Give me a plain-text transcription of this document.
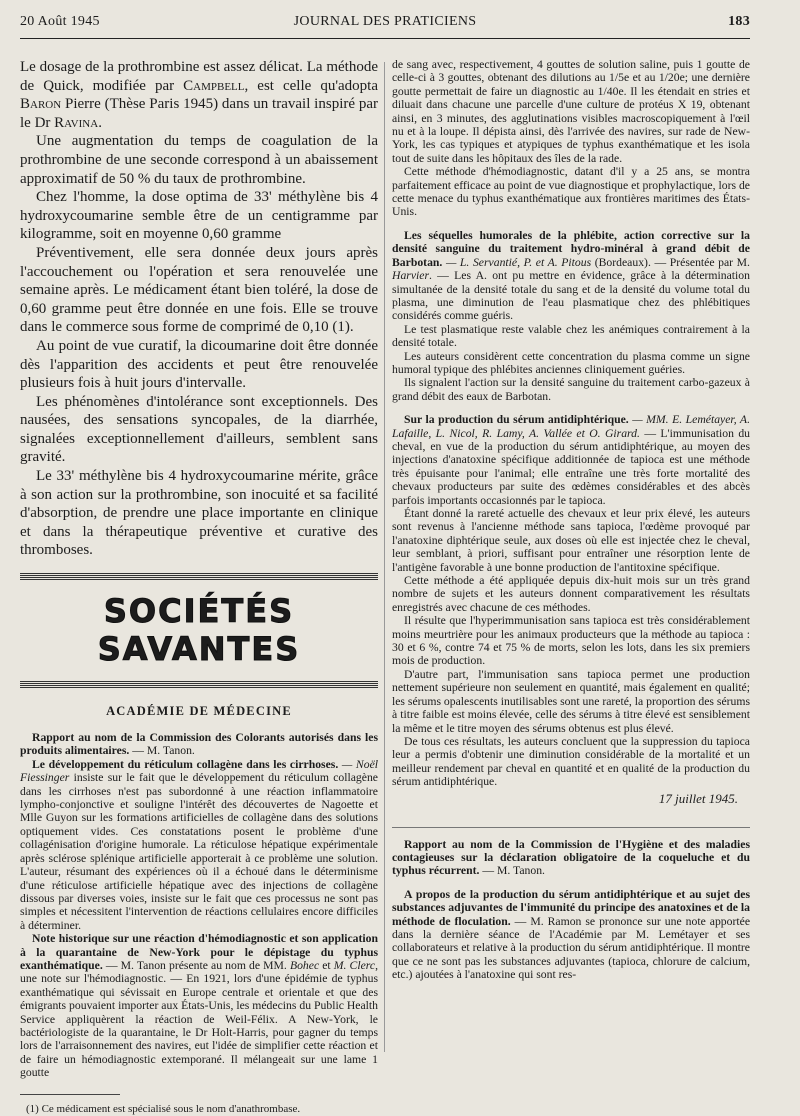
20 Août 1945	JOURNAL DES PRATICIENS	183

Le dosage de la prothrombine est assez délicat. La méthode de Quick, modifiée par Campbell, est celle qu'adopta Baron Pierre (Thèse Paris 1945) dans un travail inspiré par le Dr Ravina.

Une augmentation du temps de coagulation de la prothrombine de une seconde correspond à un abaissement approximatif de 50 % du taux de prothrombine.

Chez l'homme, la dose optima de 33' méthylène bis 4 hydroxycoumarine semble être de un centigramme par kilogramme, soit en moyenne 0,60 gramme

Préventivement, elle sera donnée deux jours après l'accouchement ou l'opération et sera renouvelée une semaine après. Le médicament étant bien toléré, la dose de 0,60 gramme peut être donnée en une fois. Elle se trouve dans le commerce sous forme de comprimé de 0,10 (1).

Au point de vue curatif, la dicoumarine doit être donnée dès l'apparition des accidents et peut être renouvelée plusieurs fois à huit jours d'intervalle.

Les phénomènes d'intolérance sont exceptionnels. Des nausées, des sensations syncopales, de la diarrhée, signalées exceptionnellement d'ailleurs, semblent sans gravité.

Le 33' méthylène bis 4 hydroxycoumarine mérite, grâce à son action sur la prothrombine, son inocuité et sa facilité d'absorption, de prendre une place importante en clinique et dans la thérapeutique préventive et curative des thromboses.

SOCIÉTÉS SAVANTES
ACADÉMIE DE MÉDECINE

Rapport au nom de la Commission des Colorants autorisés dans les produits alimentaires. — M. Tanon.

Le développement du réticulum collagène dans les cirrhoses. — Noël Fiessinger insiste sur le fait que le développement du réticulum collagène dans les cirrhoses n'est pas subordonné à une réaction inflammatoire lympho-conjonctive et souligne l'intérêt des découvertes de Nagoette et Mlle Guyon sur les formations artificielles de collagène dans des solutions optiquement vides. Ces constatations posent le problème d'une collagénisation d'origine humorale. La réticulose hépatique expérimentale après sclérose splénique artificielle apporterait à ce problème une solution. L'auteur, résumant des expériences où il a échoué dans le déterminisme d'une réticulose artificielle hépatique avec des injections de collagène dissous par diverses voies, insiste sur le fait que ces processus ne sont pas simples et nécessitent l'intervention de réactions cellulaires encore difficiles à déterminer.

Note historique sur une réaction d'hémodiagnostic et son application à la quarantaine de New-York pour le dépistage du typhus exanthématique. — M. Tanon présente au nom de MM. Bohec et M. Clerc, une note sur l'hémodiagnostic. — En 1921, lors d'une épidémie de typhus exanthématique qui sévissait en Europe centrale et orientale et que des émigrants pouvaient importer aux États-Unis, les médecins du Public Health Service appliquèrent la réaction de Weil-Félix. A New-York, le bactériologiste de la quarantaine, le Dr Holt-Harris, pour gagner du temps lors de l'arraisonnement des navires, eut l'idée de simplifier cette réaction et de faire un hémodiagnostic extemporané. Il mélangeait sur une lame 1 goutte

(1) Ce médicament est spécialisé sous le nom d'anathrombase.

de sang avec, respectivement, 4 gouttes de solution saline, puis 1 goutte de celle-ci à 3 gouttes, obtenant des dilutions au 1/5e et au 1/20e; une dernière goutte permettait de faire un diagnostic au 1/40e. Il les étendait en stries et diluait dans chacune une parcelle d'une culture de protéus X 19, obtenant ainsi, en 3 minutes, des agglutinations visibles macroscopiquement à l'œil nu et à la loupe. Il dépista ainsi, dès l'arrivée des navires, sur rade de New-York, les cas typiques et atypiques de typhus exanthématique et les isola tout de suite dans les hôpitaux des îles de la rade.

Cette méthode d'hémodiagnostic, datant d'il y a 25 ans, se montra parfaitement efficace au point de vue diagnostique et prophylactique, lors de cette menace du typhus exanthématique aux frontières maritimes des États-Unis.

Les séquelles humorales de la phlébite, action corrective sur la densité sanguine du traitement hydro-minéral à grand débit de Barbotan. — L. Servantié, P. et A. Pitous (Bordeaux). — Présentée par M. Harvier. — Les A. ont pu mettre en évidence, grâce à la détermination simultanée de la densité totale du sang et de la densité du volume total du plasma, une diminution de l'eau plasmatique chez des phlébitiques considérés comme guéris.

Le test plasmatique reste valable chez les anémiques contrairement à la densité totale.

Les auteurs considèrent cette concentration du plasma comme un signe humoral typique des phlébites anciennes cliniquement guéries.

Ils signalent l'action sur la densité sanguine du traitement carbo-gazeux à grand débit des eaux de Barbotan.

Sur la production du sérum antidiphtérique. — MM. E. Lemétayer, A. Lafaille, L. Nicol, R. Lamy, A. Vallée et O. Girard. — L'immunisation du cheval, en vue de la production du sérum antidiphtérique, au moyen des injections d'anatoxine spécifique additionnée de tapioca est une méthode très épuisante pour l'animal; elle entraîne une très forte mortalité des chevaux producteurs par suite des œdèmes considérables et des abcès parfois importants occasionnés par le tapioca.

Étant donné la rareté actuelle des chevaux et leur prix élevé, les auteurs sont revenus à l'ancienne méthode sans tapioca, l'œdème provoqué par l'anatoxine diphtérique seule, aux doses où elle est injectée chez le cheval, leur semblant, à priori, suffisant pour entraîner une résorption lente de l'antigène favorable à une bonne production de l'antitoxine spécifique.

Cette méthode a été appliquée depuis dix-huit mois sur un très grand nombre de sujets et les auteurs donnent comparativement les résultats enregistrés avec chacune de ces méthodes.

Il résulte que l'hyperimmunisation sans tapioca est très considérablement moins meurtrière pour les animaux producteurs que la méthode au tapioca : 30 et 6 %, contre 74 et 75 % de morts, selon les lots, dans les six premiers mois de production.

D'autre part, l'immunisation sans tapioca permet une production nettement supérieure non seulement en quantité, mais également en qualité; les sérums opalescents inutilisables sont une rareté, la proportion des sérums à titre faible est moins élevée, celle des sérums à titre élevé est sensiblement la même et le titre moyen des sérums obtenus est plus élevé.

De tous ces résultats, les auteurs concluent que la suppression du tapioca leur a permis d'obtenir une diminution considérable de la mortalité et un meilleur rendement par cheval en quantité et en qualité de la production du sérum antidiphtérique.

17 juillet 1945.

Rapport au nom de la Commission de l'Hygiène et des maladies contagieuses sur la déclaration obligatoire de la coqueluche et du typhus récurrent. — M. Tanon.

A propos de la production du sérum antidiphtérique et au sujet des substances adjuvantes de l'immunité du principe des anatoxines et de la méthode de floculation. — M. Ramon se prononce sur une note apportée dans la dernière séance de l'Académie par M. Lemétayer et ses collaborateurs et relative à la production du sérum antidiphtérique. Il montre que ce ne sont pas les substances adjuvantes (tapioca, chlorure de calcium, etc.) ajoutées à l'anatoxine qui sont res-
